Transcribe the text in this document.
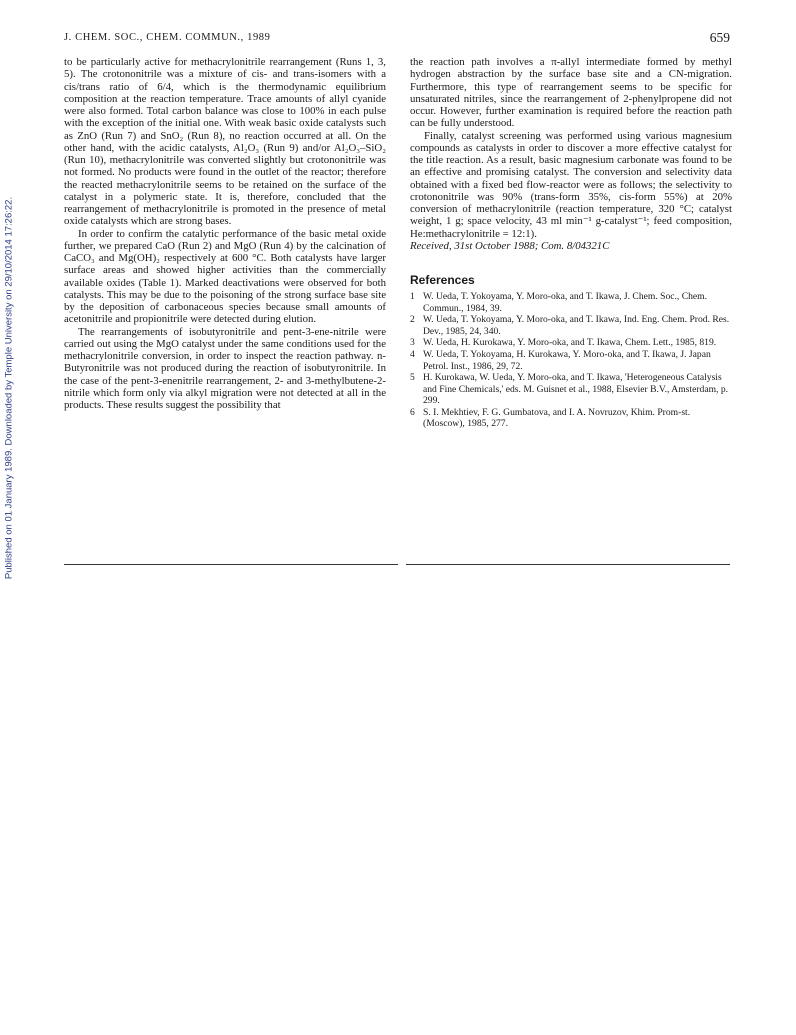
Published on 01 January 1989. Downloaded by Temple University on 29/10/2014 17:26:22.
J. CHEM. SOC., CHEM. COMMUN., 1989	659

to be particularly active for methacrylonitrile rearrangement (Runs 1, 3, 5). The crotononitrile was a mixture of cis- and trans-isomers with a cis/trans ratio of 6/4, which is the thermodynamic equilibrium composition at the reaction temperature. Trace amounts of allyl cyanide were also formed. Total carbon balance was close to 100% in each pulse with the exception of the initial one. With weak basic oxide catalysts such as ZnO (Run 7) and SnO₂ (Run 8), no reaction occurred at all. On the other hand, with the acidic catalysts, Al₂O₃ (Run 9) and/or Al₂O₃–SiO₂ (Run 10), methacrylonitrile was converted slightly but crotononitrile was not formed. No products were found in the outlet of the reactor; therefore the reacted methacrylonitrile seems to be retained on the surface of the catalyst in a polymeric state. It is, therefore, concluded that the rearrangement of methacrylonitrile is promoted in the presence of metal oxide catalysts which are strong bases.

In order to confirm the catalytic performance of the basic metal oxide further, we prepared CaO (Run 2) and MgO (Run 4) by the calcination of CaCO₃ and Mg(OH)₂ respectively at 600 °C. Both catalysts have larger surface areas and showed higher activities than the commercially available oxides (Table 1). Marked deactivations were observed for both catalysts. This may be due to the poisoning of the strong surface base site by the deposition of carbonaceous species because small amounts of acetonitrile and propionitrile were detected during elution.

The rearrangements of isobutyronitrile and pent-3-ene-nitrile were carried out using the MgO catalyst under the same conditions used for the methacrylonitrile conversion, in order to inspect the reaction pathway. n-Butyronitrile was not produced during the reaction of isobutyronitrile. In the case of the pent-3-enenitrile rearrangement, 2- and 3-methylbutene-2-nitrile which form only via alkyl migration were not detected at all in the products. These results suggest the possibility that

the reaction path involves a π-allyl intermediate formed by methyl hydrogen abstraction by the surface base site and a CN-migration. Furthermore, this type of rearrangement seems to be specific for unsaturated nitriles, since the rearrangement of 2-phenylpropene did not occur. However, further examination is required before the reaction path can be fully understood.

Finally, catalyst screening was performed using various magnesium compounds as catalysts in order to discover a more effective catalyst for the title reaction. As a result, basic magnesium carbonate was found to be an effective and promising catalyst. The conversion and selectivity data obtained with a fixed bed flow-reactor were as follows; the selectivity to crotononitrile was 90% (trans-form 35%, cis-form 55%) at 20% conversion of methacrylonitrile (reaction temperature, 320 °C; catalyst weight, 1 g; space velocity, 43 ml min⁻¹ g-catalyst⁻¹; feed composition, He:methacrylonitrile = 12:1).

Received, 31st October 1988; Com. 8/04321C

References
1 W. Ueda, T. Yokoyama, Y. Moro-oka, and T. Ikawa, J. Chem. Soc., Chem. Commun., 1984, 39.
2 W. Ueda, T. Yokoyama, Y. Moro-oka, and T. Ikawa, Ind. Eng. Chem. Prod. Res. Dev., 1985, 24, 340.
3 W. Ueda, H. Kurokawa, Y. Moro-oka, and T. Ikawa, Chem. Lett., 1985, 819.
4 W. Ueda, T. Yokoyama, H. Kurokawa, Y. Moro-oka, and T. Ikawa, J. Japan Petrol. Inst., 1986, 29, 72.
5 H. Kurokawa, W. Ueda, Y. Moro-oka, and T. Ikawa, 'Heterogeneous Catalysis and Fine Chemicals,' eds. M. Guisnet et al., 1988, Elsevier B.V., Amsterdam, p. 299.
6 S. I. Mekhtiev, F. G. Gumbatova, and I. A. Novruzov, Khim. Prom-st. (Moscow), 1985, 277.
